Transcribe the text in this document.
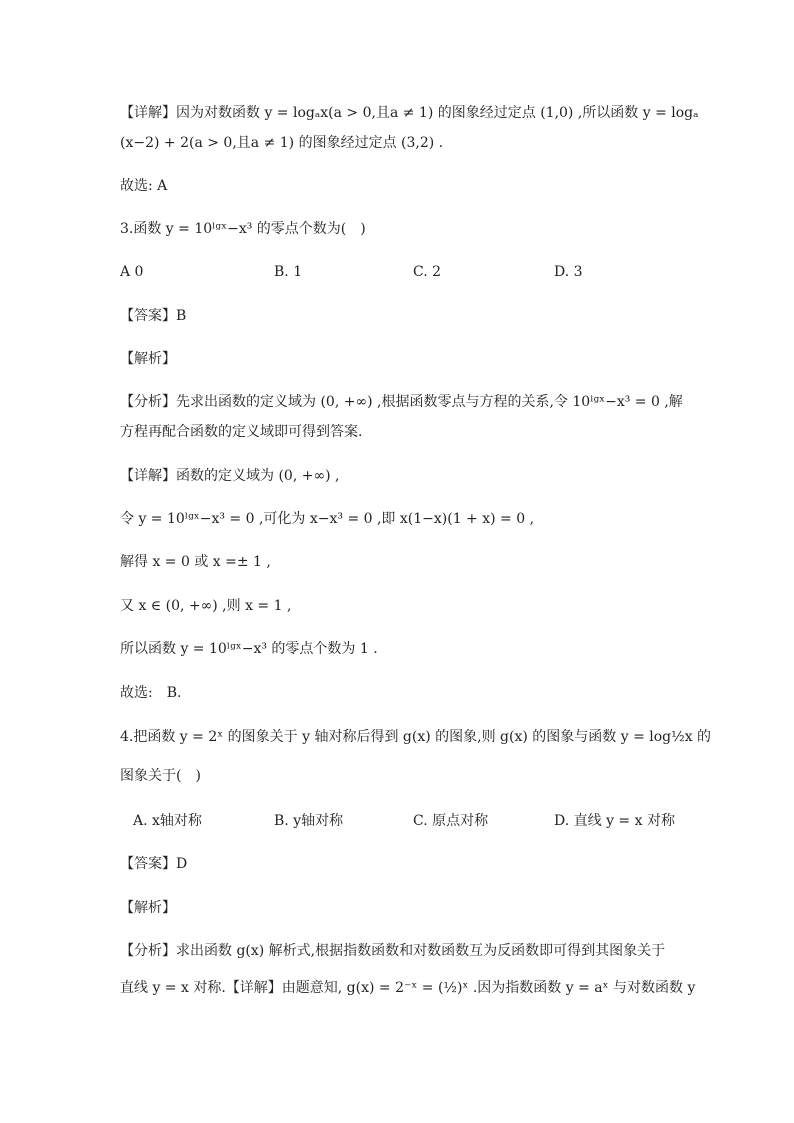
【详解】因为对数函数 y = logₐx(a > 0,且a ≠ 1) 的图象经过定点 (1,0) ,所以函数 y = logₐ
(x−2) + 2(a > 0,且a ≠ 1) 的图象经过定点 (3,2) .
故选: A
3.函数 y = 10ˡᵍˣ−x³ 的零点个数为(　)
A 0	B. 1	C. 2	D. 3
【答案】B
【解析】
【分析】先求出函数的定义域为 (0, +∞) ,根据函数零点与方程的关系,令 10ˡᵍˣ−x³ = 0 ,解
方程再配合函数的定义域即可得到答案.
【详解】函数的定义域为 (0, +∞) ,
令 y = 10ˡᵍˣ−x³ = 0 ,可化为 x−x³ = 0 ,即 x(1−x)(1 + x) = 0 ,
解得 x = 0 或 x =± 1 ,
又 x ∈ (0, +∞) ,则 x = 1 ,
所以函数 y = 10ˡᵍˣ−x³ 的零点个数为 1 .
故选:　B.
4.把函数 y = 2ˣ 的图象关于 y 轴对称后得到 g(x) 的图象,则 g(x) 的图象与函数 y = log½x 的
图象关于(　)
A. x轴对称	B. y轴对称	C. 原点对称	D. 直线 y = x 对称
【答案】D
【解析】
【分析】求出函数 g(x) 解析式,根据指数函数和对数函数互为反函数即可得到其图象关于
直线 y = x 对称.【详解】由题意知, g(x) = 2⁻ˣ = (½)ˣ .因为指数函数 y = aˣ 与对数函数 y
